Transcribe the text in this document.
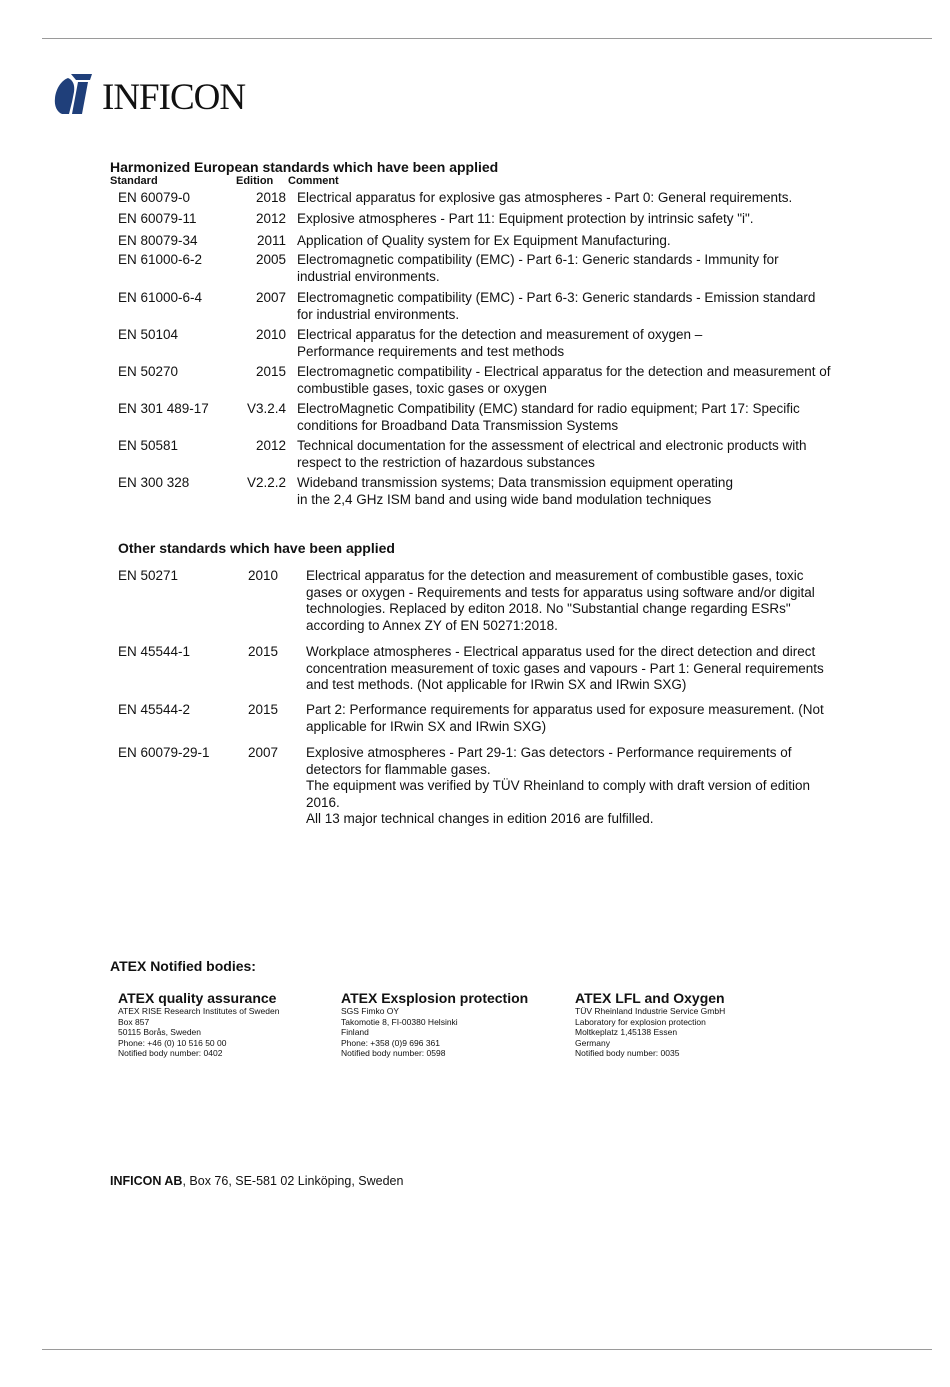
INFICON
Harmonized European standards which have been applied
Standard	Edition Comment
EN 60079-0	2018 Electrical apparatus for explosive gas atmospheres - Part 0: General requirements.
EN 60079-11	2012 Explosive atmospheres - Part 11: Equipment protection by intrinsic safety "i".
EN 80079-34	2011 Application of Quality system for Ex Equipment Manufacturing.
EN 61000-6-2	2005 Electromagnetic compatibility (EMC) - Part 6-1: Generic standards - Immunity for
industrial environments.
EN 61000-6-4	2007 Electromagnetic compatibility (EMC) - Part 6-3: Generic standards - Emission standard
for industrial environments.
EN 50104	2010 Electrical apparatus for the detection and measurement of oxygen –
Performance requirements and test methods
EN 50270	2015 Electromagnetic compatibility - Electrical apparatus for the detection and measurement of
combustible gases, toxic gases or oxygen
EN 301 489-17	V3.2.4 ElectroMagnetic Compatibility (EMC) standard for radio equipment; Part 17: Specific
conditions for Broadband Data Transmission Systems
EN 50581	2012 Technical documentation for the assessment of electrical and electronic products with
respect to the restriction of hazardous substances
EN 300 328	V2.2.2 Wideband transmission systems; Data transmission equipment operating
in the 2,4 GHz ISM band and using wide band modulation techniques
Other standards which have been applied
EN 50271	2010 Electrical apparatus for the detection and measurement of combustible gases, toxic
gases or oxygen - Requirements and tests for apparatus using software and/or digital
technologies. Replaced by editon 2018. No "Substantial change regarding ESRs"
according to Annex ZY of EN 50271:2018.
EN 45544-1	2015 Workplace atmospheres - Electrical apparatus used for the direct detection and direct
concentration measurement of toxic gases and vapours - Part 1: General requirements
and test methods. (Not applicable for IRwin SX and IRwin SXG)
EN 45544-2	2015 Part 2: Performance requirements for apparatus used for exposure measurement. (Not
applicable for IRwin SX and IRwin SXG)
EN 60079-29-1	2007 Explosive atmospheres - Part 29-1: Gas detectors - Performance requirements of
detectors for flammable gases.
The equipment was verified by TÜV Rheinland to comply with draft version of edition
2016.
All 13 major technical changes in edition 2016 are fulfilled.
ATEX Notified bodies:
ATEX quality assurance
ATEX RISE Research Institutes of Sweden
Box 857
50115 Borås, Sweden
Phone: +46 (0) 10 516 50 00
Notified body number: 0402
ATEX Exsplosion protection
SGS Fimko OY
Takomotie 8, FI-00380 Helsinki
Finland
Phone: +358 (0)9 696 361
Notified body number: 0598
ATEX LFL and Oxygen
TÜV Rheinland Industrie Service GmbH
Laboratory for explosion protection
Moltkeplatz 1,45138 Essen
Germany
Notified body number: 0035
INFICON AB, Box 76, SE-581 02 Linköping, Sweden
